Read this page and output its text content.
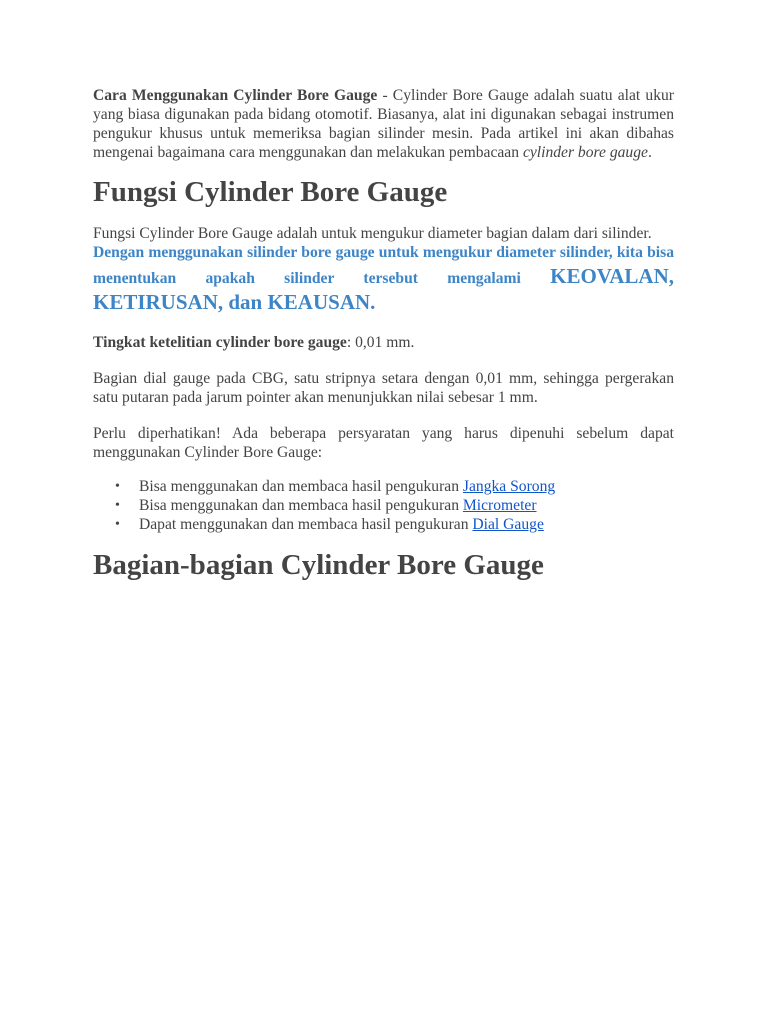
Cara Menggunakan Cylinder Bore Gauge - Cylinder Bore Gauge adalah suatu alat ukur yang biasa digunakan pada bidang otomotif. Biasanya, alat ini digunakan sebagai instrumen pengukur khusus untuk memeriksa bagian silinder mesin. Pada artikel ini akan dibahas mengenai bagaimana cara menggunakan dan melakukan pembacaan cylinder bore gauge.

Fungsi Cylinder Bore Gauge

Fungsi Cylinder Bore Gauge adalah untuk mengukur diameter bagian dalam dari silinder.

Dengan menggunakan silinder bore gauge untuk mengukur diameter silinder, kita bisa menentukan apakah silinder tersebut mengalami KEOVALAN, KETIRUSAN, dan KEAUSAN.

Tingkat ketelitian cylinder bore gauge: 0,01 mm.

Bagian dial gauge pada CBG, satu stripnya setara dengan 0,01 mm, sehingga pergerakan satu putaran pada jarum pointer akan menunjukkan nilai sebesar 1 mm.

Perlu diperhatikan! Ada beberapa persyaratan yang harus dipenuhi sebelum dapat menggunakan Cylinder Bore Gauge:

• Bisa menggunakan dan membaca hasil pengukuran Jangka Sorong
• Bisa menggunakan dan membaca hasil pengukuran Micrometer
• Dapat menggunakan dan membaca hasil pengukuran Dial Gauge
Bagian-bagian Cylinder Bore Gauge
